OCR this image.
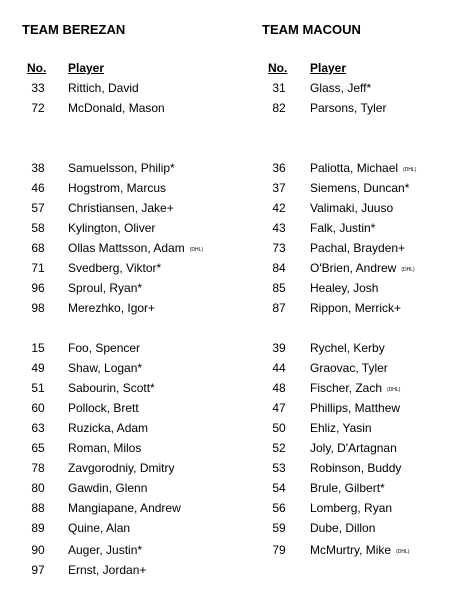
TEAM BEREZAN	TEAM MACOUN
No. Player	No. Player
33 Rittich, David
72 McDonald, Mason
38 Samuelsson, Philip*
46 Hogstrom, Marcus
57 Christiansen, Jake+
58 Kylington, Oliver
68 Ollas Mattsson, Adam (DHL)
71 Svedberg, Viktor*
96 Sproul, Ryan*
98 Merezhko, Igor+
15 Foo, Spencer
49 Shaw, Logan*
51 Sabourin, Scott*
60 Pollock, Brett
63 Ruzicka, Adam
65 Roman, Milos
78 Zavgorodniy, Dmitry
80 Gawdin, Glenn
88 Mangiapane, Andrew
89 Quine, Alan
90 Auger, Justin*
97 Ernst, Jordan+
31 Glass, Jeff*
82 Parsons, Tyler
36 Paliotta, Michael (DHL)
37 Siemens, Duncan*
42 Valimaki, Juuso
43 Falk, Justin*
73 Pachal, Brayden+
84 O'Brien, Andrew (DHL)
85 Healey, Josh
87 Rippon, Merrick+
39 Rychel, Kerby
44 Graovac, Tyler
48 Fischer, Zach (DHL)
47 Phillips, Matthew
50 Ehliz, Yasin
52 Joly, D'Artagnan
53 Robinson, Buddy
54 Brule, Gilbert*
56 Lomberg, Ryan
59 Dube, Dillon
79 McMurtry, Mike (DHL)
